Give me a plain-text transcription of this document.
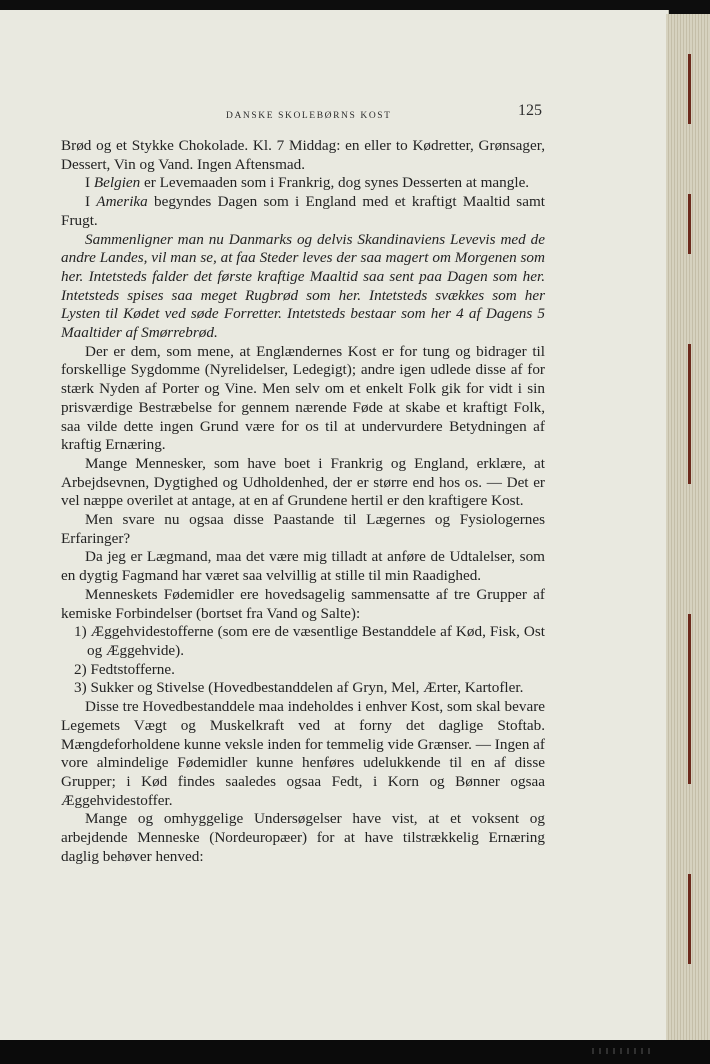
DANSKE SKOLEBØRNS KOST	125

Brød og et Stykke Chokolade. Kl. 7 Middag: en eller to Kødretter, Grønsager, Dessert, Vin og Vand. Ingen Aftensmad.

I Belgien er Levemaaden som i Frankrig, dog synes Desserten at mangle.

I Amerika begyndes Dagen som i England med et kraftigt Maaltid samt Frugt.

Sammenligner man nu Danmarks og delvis Skandinaviens Levevis med de andre Landes, vil man se, at faa Steder leves der saa magert om Morgenen som her. Intetsteds falder det første kraftige Maaltid saa sent paa Dagen som her. Intetsteds spises saa meget Rugbrød som her. Intetsteds svækkes som her Lysten til Kødet ved søde Forretter. Intetsteds bestaar som her 4 af Dagens 5 Maaltider af Smørrebrød.

Der er dem, som mene, at Englændernes Kost er for tung og bidrager til forskellige Sygdomme (Nyrelidelser, Ledegigt); andre igen udlede disse af for stærk Nyden af Porter og Vine. Men selv om et enkelt Folk gik for vidt i sin prisværdige Bestræbelse for gennem nærende Føde at skabe et kraftigt Folk, saa vilde dette ingen Grund være for os til at undervurdere Betydningen af kraftig Ernæring.

Mange Mennesker, som have boet i Frankrig og England, erklære, at Arbejdsevnen, Dygtighed og Udholdenhed, der er større end hos os. — Det er vel næppe overilet at antage, at en af Grundene hertil er den kraftigere Kost.

Men svare nu ogsaa disse Paastande til Lægernes og Fysiologernes Erfaringer?

Da jeg er Lægmand, maa det være mig tilladt at anføre de Udtalelser, som en dygtig Fagmand har været saa velvillig at stille til min Raadighed.

Menneskets Fødemidler ere hovedsagelig sammensatte af tre Grupper af kemiske Forbindelser (bortset fra Vand og Salte):

1) Æggehvidestofferne (som ere de væsentlige Bestanddele af Kød, Fisk, Ost og Æggehvide).

2) Fedtstofferne.

3) Sukker og Stivelse (Hovedbestanddelen af Gryn, Mel, Ærter, Kartofler.

Disse tre Hovedbestanddele maa indeholdes i enhver Kost, som skal bevare Legemets Vægt og Muskelkraft ved at forny det daglige Stoftab. Mængdeforholdene kunne veksle inden for temmelig vide Grænser. — Ingen af vore almindelige Fødemidler kunne henføres udelukkende til en af disse Grupper; i Kød findes saaledes ogsaa Fedt, i Korn og Bønner ogsaa Æggehvidestoffer.

Mange og omhyggelige Undersøgelser have vist, at et voksent og arbejdende Menneske (Nordeuropæer) for at have tilstrækkelig Ernæring daglig behøver henved:
